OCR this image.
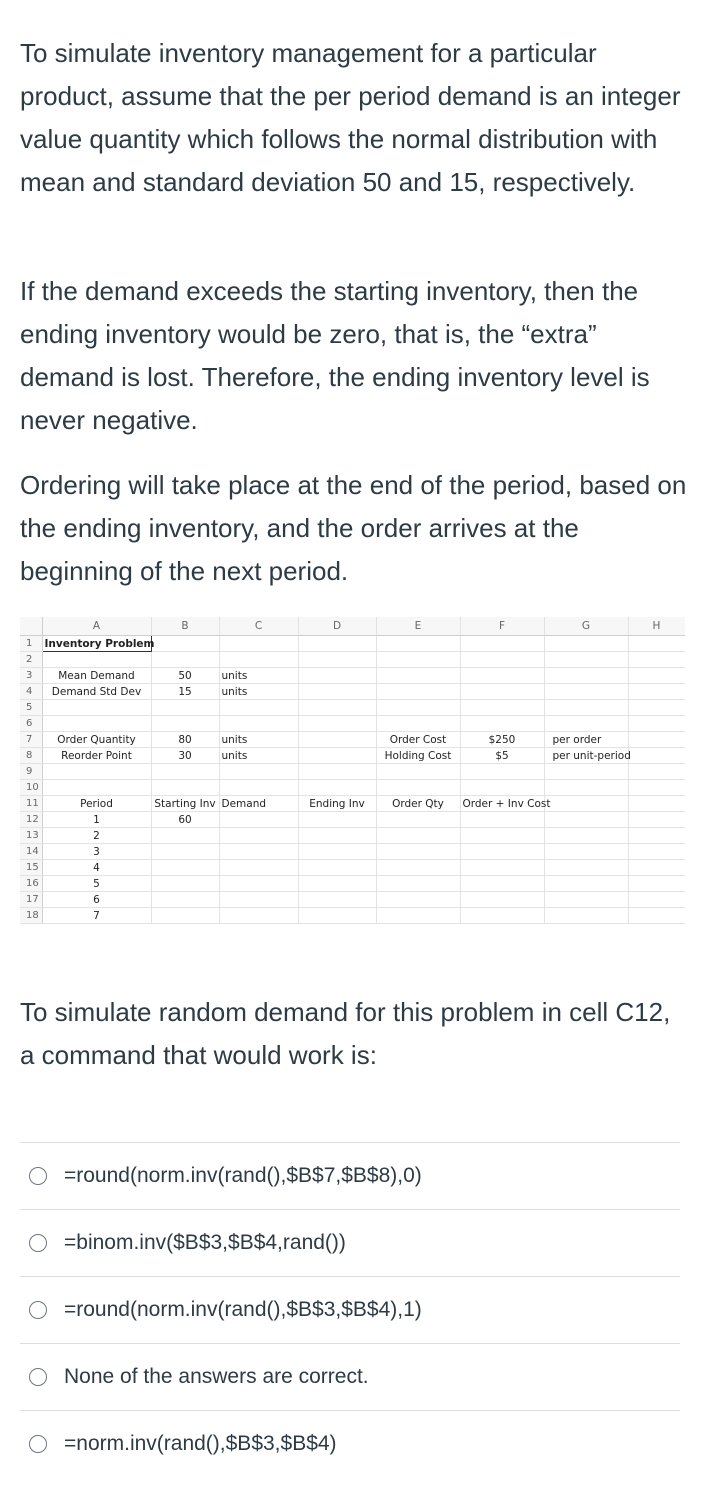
To simulate inventory management for a particular product, assume that the per period demand is an integer value quantity which follows the normal distribution with mean and standard deviation 50 and 15, respectively.

If the demand exceeds the starting inventory, then the ending inventory would be zero, that is, the “extra” demand is lost. Therefore, the ending inventory level is never negative.

Ordering will take place at the end of the period, based on the ending inventory, and the order arrives at the beginning of the next period.

	A	B	C	D	E	F	G	H
1	Inventory Problem							
2								
3	Mean Demand	50	units					
4	Demand Std Dev	15	units					
5								
6								
7	Order Quantity	80	units		Order Cost	$250	per order	
8	Reorder Point	30	units		Holding Cost	$5	per unit-period	
9								
10								
11	Period	Starting Inv	Demand	Ending Inv	Order Qty	Order + Inv Cost		
12	1	60						
13	2							
14	3							
15	4							
16	5							
17	6							
18	7							

To simulate random demand for this problem in cell C12, a command that would work is:

=round(norm.inv(rand(),$B$7,$B$8),0)
=binom.inv($B$3,$B$4,rand())
=round(norm.inv(rand(),$B$3,$B$4),1)
None of the answers are correct.
=norm.inv(rand(),$B$3,$B$4)
